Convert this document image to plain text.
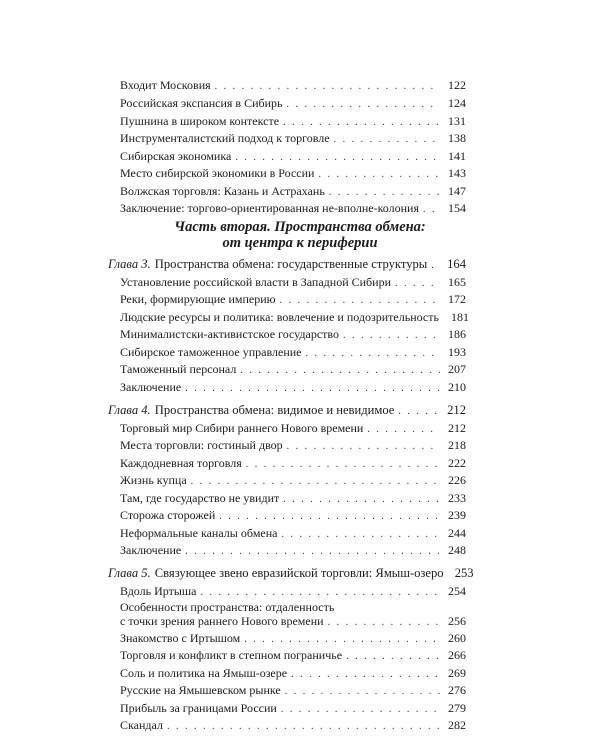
Входит Московия . . .	122
Российская экспансия в Сибирь . . .	124
Пушнина в широком контексте . . .	131
Инструменталистский подход к торговле . . .	138
Сибирская экономика . . .	141
Место сибирской экономики в России . . .	143
Волжская торговля: Казань и Астрахань . . .	147
Заключение: торгово-ориентированная не-вполне-колония . . .	154
Часть вторая. Пространства обмена:
от центра к периферии
Глава 3. Пространства обмена: государственные структуры . . . 164
Установление российской власти в Западной Сибири . . .	165
Реки, формирующие империю . . .	172
Людские ресурсы и политика: вовлечение и подозрительность	181
Минималистски-активистское государство . . .	186
Сибирское таможенное управление . . .	193
Таможенный персонал . . .	207
Заключение . . .	210
Глава 4. Пространства обмена: видимое и невидимое . . .	212
Торговый мир Сибири раннего Нового времени . . .	212
Места торговли: гостиный двор . . .	218
Каждодневная торговля . . .	222
Жизнь купца . . .	226
Там, где государство не увидит . . .	233
Сторожа сторожей . . .	239
Неформальные каналы обмена . . .	244
Заключение . . .	248
Глава 5. Связующее звено евразийской торговли: Ямыш-озеро 253
Вдоль Иртыша . . .	254
Особенности пространства: отдаленность
с точки зрения раннего Нового времени . . .	256
Знакомство с Иртышом . . .	260
Торговля и конфликт в степном пограничье . . .	266
Соль и политика на Ямыш-озере . . .	269
Русские на Ямышевском рынке . . .	276
Прибыль за границами России . . .	279
Скандал . . .	282
